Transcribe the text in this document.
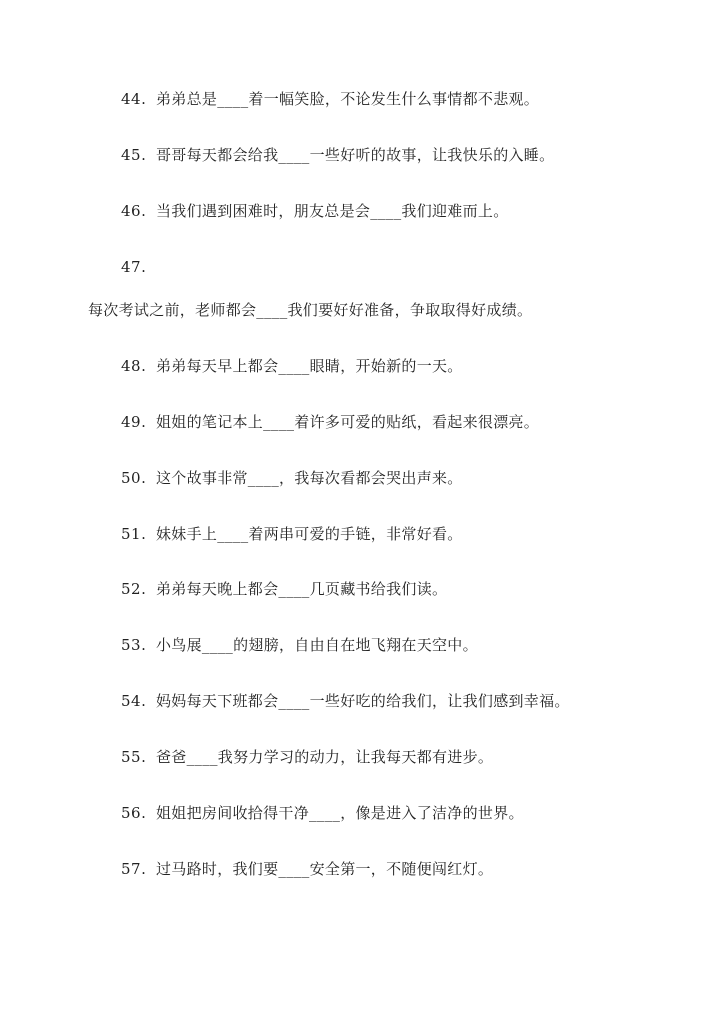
44. 弟弟总是____着一幅笑脸，不论发生什么事情都不悲观。
45. 哥哥每天都会给我____一些好听的故事，让我快乐的入睡。
46. 当我们遇到困难时，朋友总是会____我们迎难而上。
47.
每次考试之前，老师都会____我们要好好准备，争取取得好成绩。
48. 弟弟每天早上都会____眼睛，开始新的一天。
49. 姐姐的笔记本上____着许多可爱的贴纸，看起来很漂亮。
50. 这个故事非常____，我每次看都会哭出声来。
51. 妹妹手上____着两串可爱的手链，非常好看。
52. 弟弟每天晚上都会____几页藏书给我们读。
53. 小鸟展____的翅膀，自由自在地飞翔在天空中。
54. 妈妈每天下班都会____一些好吃的给我们，让我们感到幸福。
55. 爸爸____我努力学习的动力，让我每天都有进步。
56. 姐姐把房间收拾得干净____，像是进入了洁净的世界。
57. 过马路时，我们要____安全第一，不随便闯红灯。
